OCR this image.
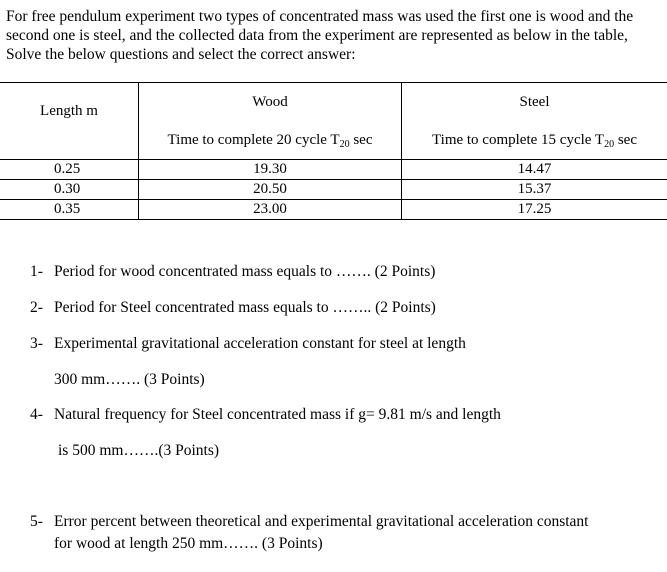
For free pendulum experiment two types of concentrated mass was used the first one is wood and the second one is steel, and the collected data from the experiment are represented as below in the table, Solve the below questions and select the correct answer:
Length m	Wood	Steel
	Time to complete 20 cycle $T_{20}$ sec	Time to complete 15 cycle $T_{20}$ sec
0.25	19.30	14.47
0.30	20.50	15.37
0.35	23.00	17.25
1- Period for wood concentrated mass equals to ……. (2 Points)
2- Period for Steel concentrated mass equals to …….. (2 Points)
3- Experimental gravitational acceleration constant for steel at length
300 mm……. (3 Points)
4- Natural frequency for Steel concentrated mass if g= 9.81 m/s and length
is 500 mm…….(3 Points)
5- Error percent between theoretical and experimental gravitational acceleration constant
for wood at length 250 mm……. (3 Points)
